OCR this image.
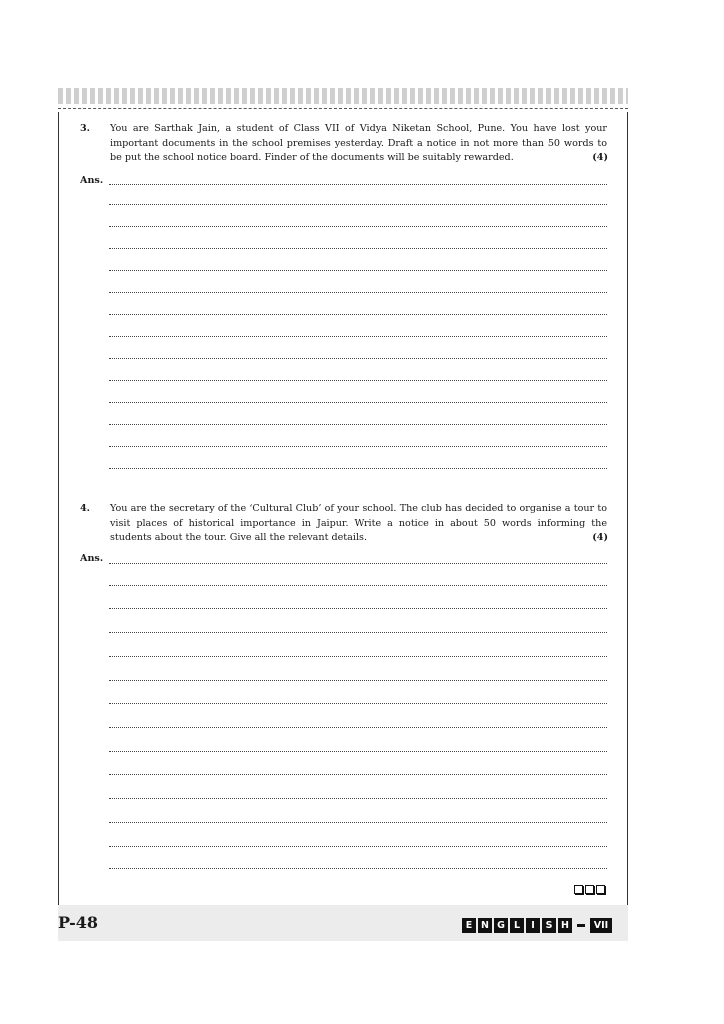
3. You are Sarthak Jain, a student of Class VII of Vidya Niketan School, Pune. You have lost your important documents in the school premises yesterday. Draft a notice in not more than 50 words to be put the school notice board. Finder of the documents will be suitably rewarded.	(4)
Ans.
4. You are the secretary of the ‘Cultural Club’ of your school. The club has decided to organise a tour to visit places of historical importance in Jaipur. Write a notice in about 50 words informing the students about the tour. Give all the relevant details.	(4)
Ans.
P-48	E N G L	I	S H	VII
